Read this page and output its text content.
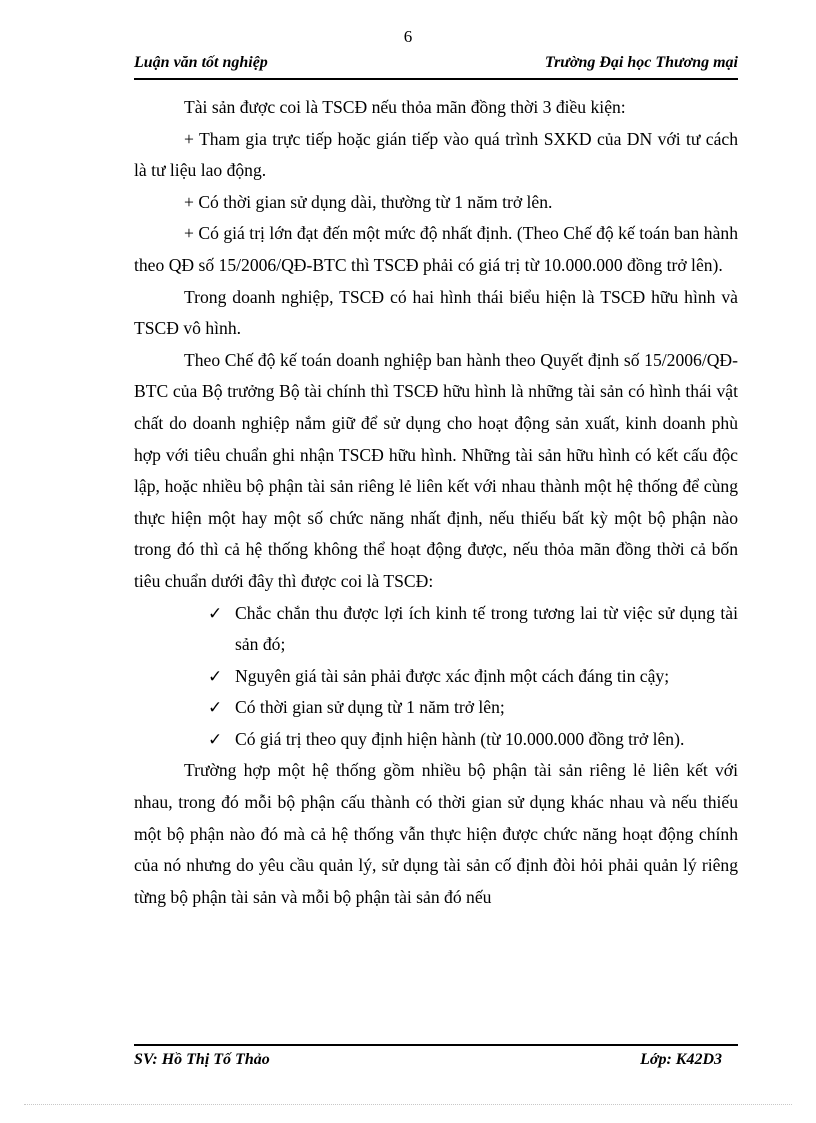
6
Luận văn tốt nghiệp	Trường Đại học Thương mại

Tài sản được coi là TSCĐ nếu thỏa mãn đồng thời 3 điều kiện:

+ Tham gia trực tiếp hoặc gián tiếp vào quá trình SXKD của DN với tư cách là tư liệu lao động.

+ Có thời gian sử dụng dài, thường từ 1 năm trở lên.

+ Có giá trị lớn đạt đến một mức độ nhất định. (Theo Chế độ kế toán ban hành theo QĐ số 15/2006/QĐ-BTC thì TSCĐ phải có giá trị từ 10.000.000 đồng trở lên).

Trong doanh nghiệp, TSCĐ có hai hình thái biểu hiện là TSCĐ hữu hình và TSCĐ vô hình.

Theo Chế độ kế toán doanh nghiệp ban hành theo Quyết định số 15/2006/QĐ-BTC của Bộ trưởng Bộ tài chính thì TSCĐ hữu hình là những tài sản có hình thái vật chất do doanh nghiệp nắm giữ để sử dụng cho hoạt động sản xuất, kinh doanh phù hợp với tiêu chuẩn ghi nhận TSCĐ hữu hình. Những tài sản hữu hình có kết cấu độc lập, hoặc nhiều bộ phận tài sản riêng lẻ liên kết với nhau thành một hệ thống để cùng thực hiện một hay một số chức năng nhất định, nếu thiếu bất kỳ một bộ phận nào trong đó thì cả hệ thống không thể hoạt động được, nếu thỏa mãn đồng thời cả bốn tiêu chuẩn dưới đây thì được coi là TSCĐ:

✓ Chắc chắn thu được lợi ích kinh tế trong tương lai từ việc sử dụng tài sản đó;
✓ Nguyên giá tài sản phải được xác định một cách đáng tin cậy;
✓ Có thời gian sử dụng từ 1 năm trở lên;
✓ Có giá trị theo quy định hiện hành (từ 10.000.000 đồng trở lên).

Trường hợp một hệ thống gồm nhiều bộ phận tài sản riêng lẻ liên kết với nhau, trong đó mỗi bộ phận cấu thành có thời gian sử dụng khác nhau và nếu thiếu một bộ phận nào đó mà cả hệ thống vẫn thực hiện được chức năng hoạt động chính của nó nhưng do yêu cầu quản lý, sử dụng tài sản cố định đòi hỏi phải quản lý riêng từng bộ phận tài sản và mỗi bộ phận tài sản đó nếu

SV: Hồ Thị Tố Thảo	Lớp: K42D3
